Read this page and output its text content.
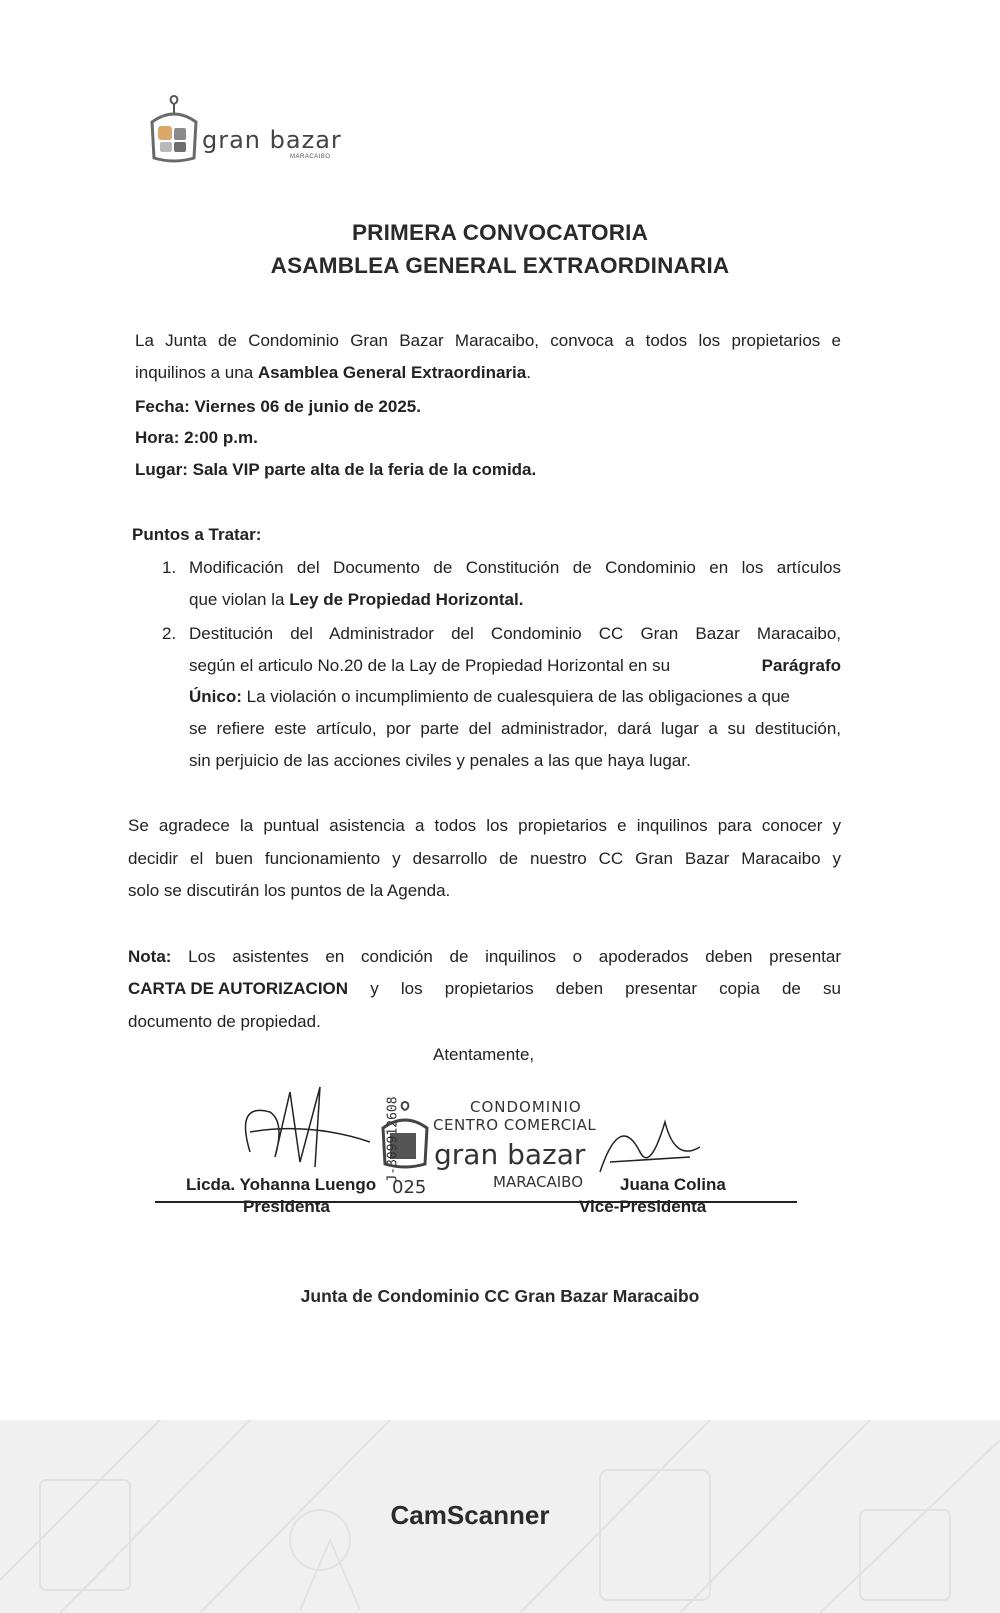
gran bazar
MARACAIBO
PRIMERA CONVOCATORIA
ASAMBLEA GENERAL EXTRAORDINARIA
La Junta de Condominio Gran Bazar Maracaibo, convoca a todos los propietarios e
inquilinos a una Asamblea General Extraordinaria.
Fecha: Viernes 06 de junio de 2025.
Hora: 2:00 p.m.
Lugar: Sala VIP parte alta de la feria de la comida.
Puntos a Tratar:
1. Modificación del Documento de Constitución de Condominio en los artículos
que violan la Ley de Propiedad Horizontal.
2. Destitución del Administrador del Condominio CC Gran Bazar Maracaibo,
según el articulo No.20 de la Lay de Propiedad Horizontal en su	Parágrafo
Único: La violación o incumplimiento de cualesquiera de las obligaciones a que
se refiere este artículo, por parte del administrador, dará lugar a su destitución,
sin perjuicio de las acciones civiles y penales a las que haya lugar.
Se agradece la puntual asistencia a todos los propietarios e inquilinos para conocer y
decidir el buen funcionamiento y desarrollo de nuestro CC Gran Bazar Maracaibo y
solo se discutirán los puntos de la Agenda.
Nota: Los asistentes en condición de inquilinos o apoderados deben presentar
CARTA DE AUTORIZACION y los propietarios deben presentar copia de su
documento de propiedad.
Atentamente,
J-309912608	CONDOMINIO
CENTRO COMERCIAL
gran bazar
MARACAIBO
025
Licda. Yohanna Luengo
Presidenta
Juana Colina
Vice-Presidenta
Junta de Condominio CC Gran Bazar Maracaibo
CamScanner
